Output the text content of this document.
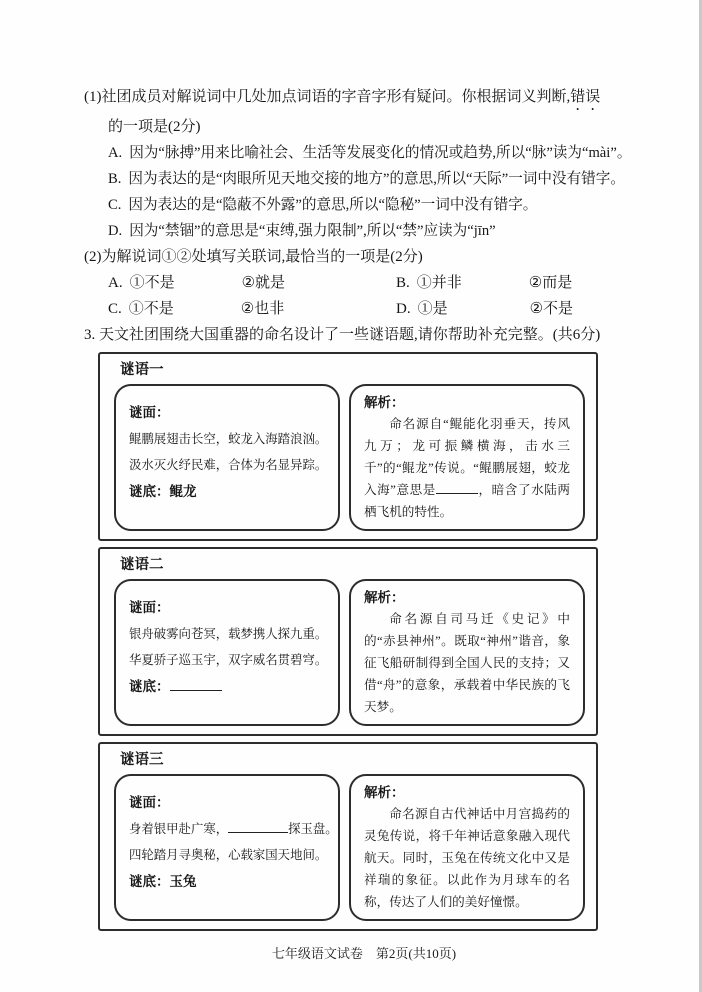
(1)社团成员对解说词中几处加点词语的字音字形有疑问。你根据词义判断,错误

的一项是(2分)

A. 因为“脉搏”用来比喻社会、生活等发展变化的情况或趋势,所以“脉”读为“mài”。

B. 因为表达的是“肉眼所见天地交接的地方”的意思,所以“天际”一词中没有错字。

C. 因为表达的是“隐蔽不外露”的意思,所以“隐秘”一词中没有错字。

D. 因为“禁锢”的意思是“束缚,强力限制”,所以“禁”应读为“jīn”

(2)为解说词①②处填写关联词,最恰当的一项是(2分)

A. ①不是	②就是	B. ①并非	②而是

C. ①不是	②也非	D. ①是	②不是

3. 天文社团围绕大国重器的命名设计了一些谜语题,请你帮助补充完整。(共6分)

谜语一

谜面：

鲲鹏展翅击长空，蛟龙入海踏浪汹。

汲水灭火纾民难，合体为名显异踪。

谜底：鲲龙

解析：

命名源自“鲲能化羽垂天，抟风九万；龙可振鳞横海，击水三千”的“鲲龙”传说。“鲲鹏展翅，蛟龙入海”意思是	，暗含了水陆两栖飞机的特性。

谜语二

谜面：

银舟破雾向苍冥，载梦携人探九重。

华夏骄子巡玉宇，双字威名贯碧穹。

谜底：

解析：

命名源自司马迁《史记》中的“赤县神州”。既取“神州”谐音，象征飞船研制得到全国人民的支持；又借“舟”的意象，承载着中华民族的飞天梦。

谜语三

谜面：

身着银甲赴广寒，	探玉盘。

四轮踏月寻奥秘，心载家国天地间。

谜底：玉兔

解析：

命名源自古代神话中月宫捣药的灵兔传说，将千年神话意象融入现代航天。同时，玉兔在传统文化中又是祥瑞的象征。以此作为月球车的名称，传达了人们的美好憧憬。

七年级语文试卷　第2页(共10页)
